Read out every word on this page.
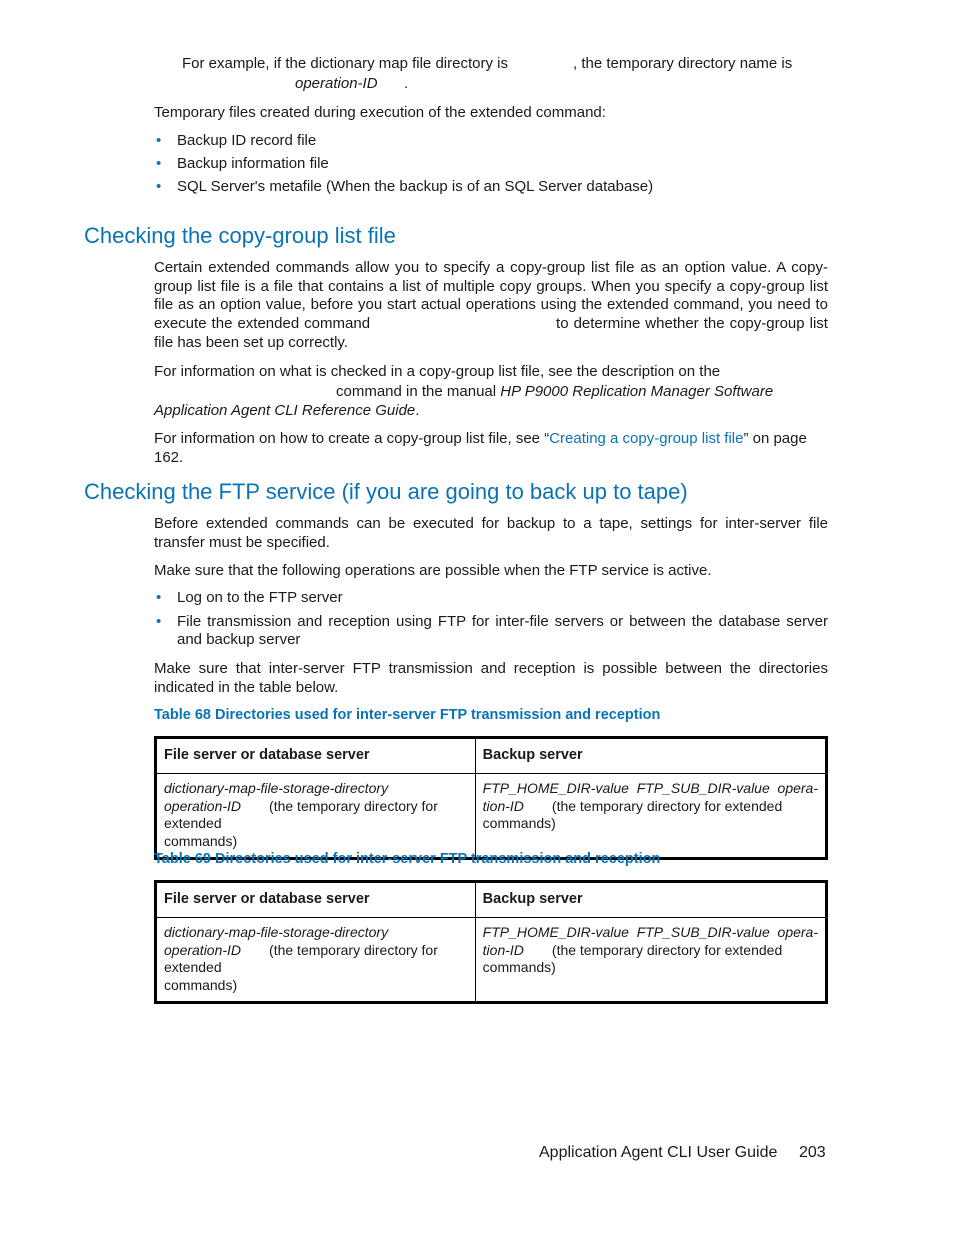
For example, if the dictionary map file directory is	, the temporary directory name is
operation-ID .
Temporary files created during execution of the extended command:
• Backup ID record file
• Backup information file
• SQL Server's metafile (When the backup is of an SQL Server database)
Checking the copy-group list file
Certain extended commands allow you to specify a copy-group list file as an option value. A copy-group list file is a file that contains a list of multiple copy groups. When you specify a copy-group list file as an option value, before you start actual operations using the extended command, you need to execute the extended command	to determine whether the copy-group list file has been set up correctly.
For information on what is checked in a copy-group list file, see the description on the
command in the manual HP P9000 Replication Manager Software Application Agent CLI Reference Guide.
For information on how to create a copy-group list file, see “Creating a copy-group list file” on page 162.
Checking the FTP service (if you are going to back up to tape)
Before extended commands can be executed for backup to a tape, settings for inter-server file transfer must be specified.
Make sure that the following operations are possible when the FTP service is active.
• Log on to the FTP server
• File transmission and reception using FTP for inter-file servers or between the database server and backup server
Make sure that inter-server FTP transmission and reception is possible between the directories indicated in the table below.
Table 68 Directories used for inter-server FTP transmission and reception
File server or database server	Backup server
dictionary-map-file-storage-directory
operation-ID (the temporary directory for extended
commands)	FTP_HOME_DIR-value  FTP_SUB_DIR-value  opera-
tion-ID (the temporary directory for extended
commands)
Table 69 Directories used for inter-server FTP transmission and reception
File server or database server	Backup server
dictionary-map-file-storage-directory
operation-ID (the temporary directory for extended
commands)	FTP_HOME_DIR-value  FTP_SUB_DIR-value  opera-
tion-ID (the temporary directory for extended
commands)
Application Agent CLI User Guide 203
